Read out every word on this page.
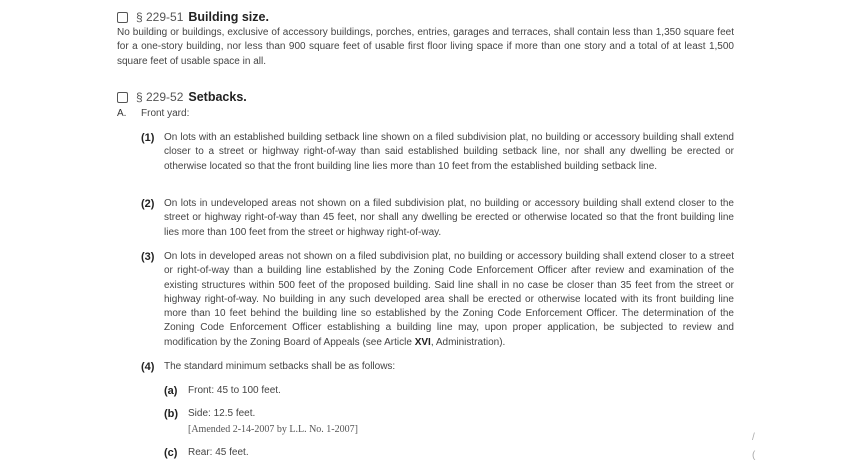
§ 229-51 Building size.
No building or buildings, exclusive of accessory buildings, porches, entries, garages and terraces, shall contain less than 1,350 square feet for a one-story building, nor less than 900 square feet of usable first floor living space if more than one story and a total of at least 1,500 square feet of usable space in all.
§ 229-52 Setbacks.
A. Front yard:
(1) On lots with an established building setback line shown on a filed subdivision plat, no building or accessory building shall extend closer to a street or highway right-of-way than said established building setback line, nor shall any dwelling be erected or otherwise located so that the front building line lies more than 10 feet from the established building setback line.
(2) On lots in undeveloped areas not shown on a filed subdivision plat, no building or accessory building shall extend closer to the street or highway right-of-way than 45 feet, nor shall any dwelling be erected or otherwise located so that the front building line lies more than 100 feet from the street or highway right-of-way.
(3) On lots in developed areas not shown on a filed subdivision plat, no building or accessory building shall extend closer to a street or right-of-way than a building line established by the Zoning Code Enforcement Officer after review and examination of the existing structures within 500 feet of the proposed building. Said line shall in no case be closer than 35 feet from the street or highway right-of-way. No building in any such developed area shall be erected or otherwise located with its front building line more than 10 feet behind the building line so established by the Zoning Code Enforcement Officer. The determination of the Zoning Code Enforcement Officer establishing a building line may, upon proper application, be subjected to review and modification by the Zoning Board of Appeals (see Article XVI, Administration).
(4) The standard minimum setbacks shall be as follows:
(a) Front: 45 to 100 feet.
(b) Side: 12.5 feet.
[Amended 2-14-2007 by L.L. No. 1-2007]
(c) Rear: 45 feet.
/
(
